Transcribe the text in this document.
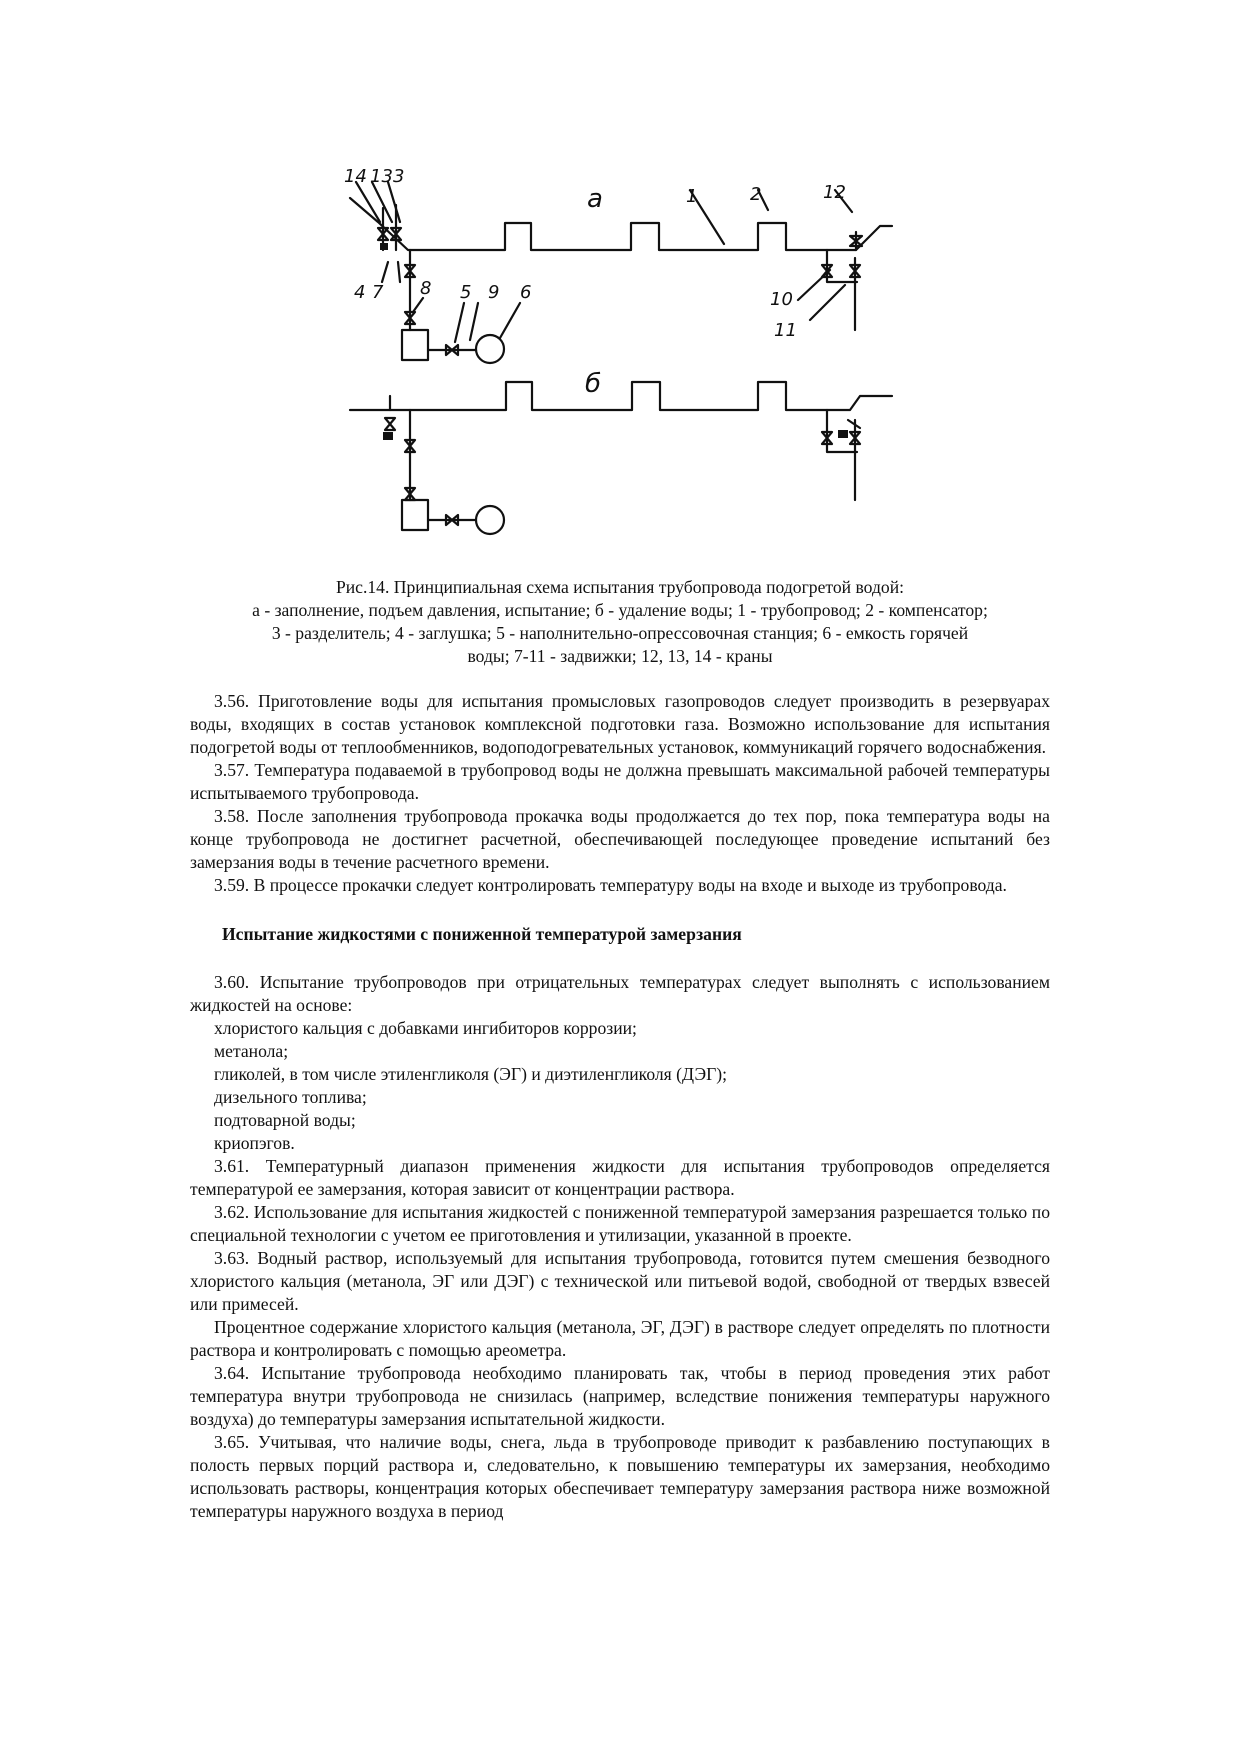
а
б
14 13 3
1	2	12
4 7 8 5 9 6	10
11
Рис.14. Принципиальная схема испытания трубопровода подогретой водой:
а - заполнение, подъем давления, испытание; б - удаление воды; 1 - трубопровод; 2 - компенсатор;
3 - разделитель; 4 - заглушка; 5 - наполнительно-опрессовочная станция; 6 - емкость горячей
воды; 7-11 - задвижки; 12, 13, 14 - краны

3.56. Приготовление воды для испытания промысловых газопроводов следует производить в резервуарах воды, входящих в состав установок комплексной подготовки газа. Возможно использование для испытания подогретой воды от теплообменников, водоподогревательных установок, коммуникаций горячего водоснабжения.

3.57. Температура подаваемой в трубопровод воды не должна превышать максимальной рабочей температуры испытываемого трубопровода.

3.58. После заполнения трубопровода прокачка воды продолжается до тех пор, пока температура воды на конце трубопровода не достигнет расчетной, обеспечивающей последующее проведение испытаний без замерзания воды в течение расчетного времени.

3.59. В процессе прокачки следует контролировать температуру воды на входе и выходе из трубопровода.

Испытание жидкостями с пониженной температурой замерзания

3.60. Испытание трубопроводов при отрицательных температурах следует выполнять с использованием жидкостей на основе:

хлористого кальция с добавками ингибиторов коррозии;

метанола;

гликолей, в том числе этиленгликоля (ЭГ) и диэтиленгликоля (ДЭГ);

дизельного топлива;

подтоварной воды;

криопэгов.

3.61. Температурный диапазон применения жидкости для испытания трубопроводов определяется температурой ее замерзания, которая зависит от концентрации раствора.

3.62. Использование для испытания жидкостей с пониженной температурой замерзания разрешается только по специальной технологии с учетом ее приготовления и утилизации, указанной в проекте.

3.63. Водный раствор, используемый для испытания трубопровода, готовится путем смешения безводного хлористого кальция (метанола, ЭГ или ДЭГ) с технической или питьевой водой, свободной от твердых взвесей или примесей.

Процентное содержание хлористого кальция (метанола, ЭГ, ДЭГ) в растворе следует определять по плотности раствора и контролировать с помощью ареометра.

3.64. Испытание трубопровода необходимо планировать так, чтобы в период проведения этих работ температура внутри трубопровода не снизилась (например, вследствие понижения температуры наружного воздуха) до температуры замерзания испытательной жидкости.

3.65. Учитывая, что наличие воды, снега, льда в трубопроводе приводит к разбавлению поступающих в полость первых порций раствора и, следовательно, к повышению температуры их замерзания, необходимо использовать растворы, концентрация которых обеспечивает температуру замерзания раствора ниже возможной температуры наружного воздуха в период
